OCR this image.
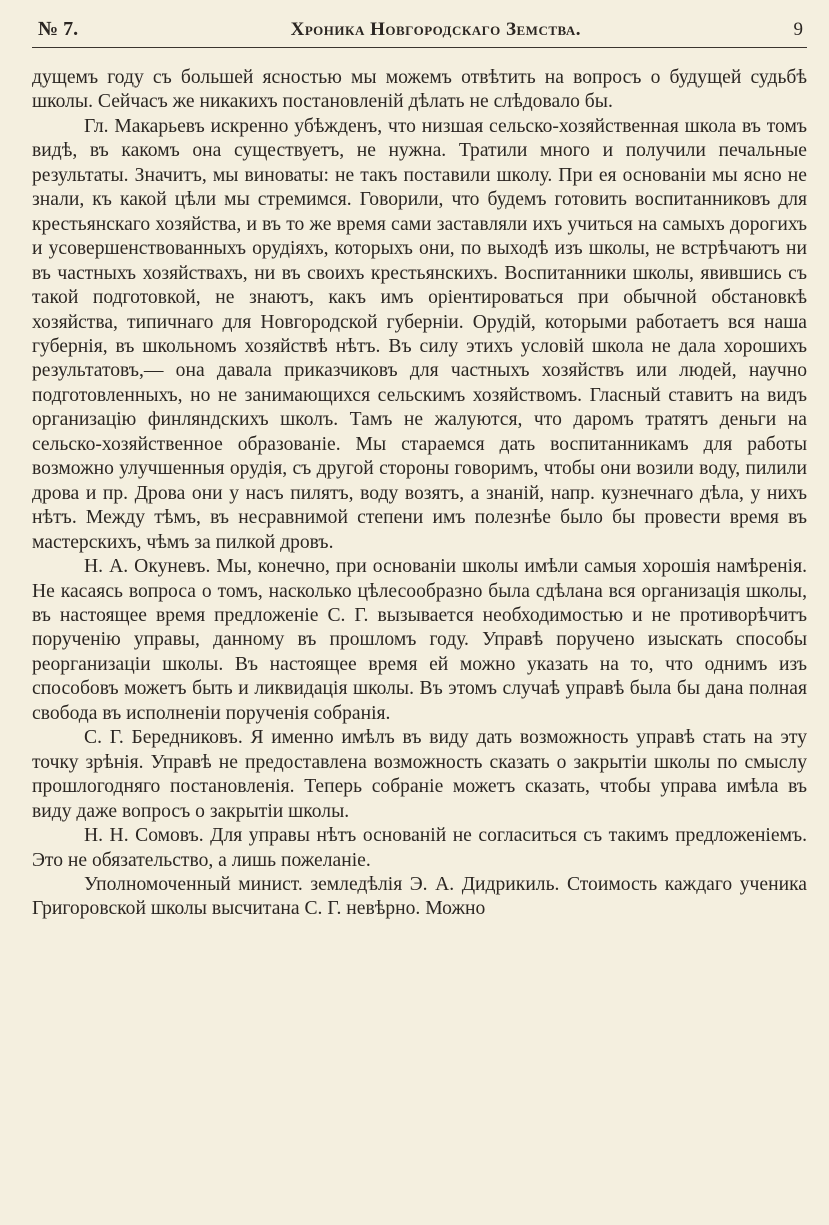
№ 7.	Хроника Новгородскаго Земства.	9

дущемъ году съ большей ясностью мы можемъ отвѣтить на вопросъ о будущей судьбѣ школы. Сейчасъ же никакихъ постановленій дѣлать не слѣдовало бы.

Гл. Макарьевъ искренно убѣжденъ, что низшая сельско-хозяйственная школа въ томъ видѣ, въ какомъ она существуетъ, не нужна. Тратили много и получили печальные результаты. Значитъ, мы виноваты: не такъ поставили школу. При ея основаніи мы ясно не знали, къ какой цѣли мы стремимся. Говорили, что будемъ готовить воспитанниковъ для крестьянскаго хозяйства, и въ то же время сами заставляли ихъ учиться на самыхъ дорогихъ и усовершенствованныхъ орудіяхъ, которыхъ они, по выходѣ изъ школы, не встрѣчаютъ ни въ частныхъ хозяйствахъ, ни въ своихъ крестьянскихъ. Воспитанники школы, явившись съ такой подготовкой, не знаютъ, какъ имъ оріентироваться при обычной обстановкѣ хозяйства, типичнаго для Новгородской губерніи. Орудій, которыми работаетъ вся наша губернія, въ школьномъ хозяйствѣ нѣтъ. Въ силу этихъ условій школа не дала хорошихъ результатовъ,— она давала приказчиковъ для частныхъ хозяйствъ или людей, научно подготовленныхъ, но не занимающихся сельскимъ хозяйствомъ. Гласный ставитъ на видъ организацію финляндскихъ школъ. Тамъ не жалуются, что даромъ тратятъ деньги на сельско-хозяйственное образованіе. Мы стараемся дать воспитанникамъ для работы возможно улучшенныя орудія, съ другой стороны говоримъ, чтобы они возили воду, пилили дрова и пр. Дрова они у насъ пилятъ, воду возятъ, а знаній, напр. кузнечнаго дѣла, у нихъ нѣтъ. Между тѣмъ, въ несравнимой степени имъ полезнѣе было бы провести время въ мастерскихъ, чѣмъ за пилкой дровъ.

Н. А. Окуневъ. Мы, конечно, при основаніи школы имѣли самыя хорошія намѣренія. Не касаясь вопроса о томъ, насколько цѣлесообразно была сдѣлана вся организація школы, въ настоящее время предложеніе С. Г. вызывается необходимостью и не противорѣчитъ порученію управы, данному въ прошломъ году. Управѣ поручено изыскать способы реорганизаціи школы. Въ настоящее время ей можно указать на то, что однимъ изъ способовъ можетъ быть и ликвидація школы. Въ этомъ случаѣ управѣ была бы дана полная свобода въ исполненіи порученія собранія.

С. Г. Бередниковъ. Я именно имѣлъ въ виду дать возможность управѣ стать на эту точку зрѣнія. Управѣ не предоставлена возможность сказать о закрытіи школы по смыслу прошлогодняго постановленія. Теперь собраніе можетъ сказать, чтобы управа имѣла въ виду даже вопросъ о закрытіи школы.

Н. Н. Сомовъ. Для управы нѣтъ основаній не согласиться съ такимъ предложеніемъ. Это не обязательство, а лишь пожеланіе.

Уполномоченный минист. земледѣлія Э. А. Дидрикиль. Стоимость каждаго ученика Григоровской школы высчитана С. Г. невѣрно. Можно
